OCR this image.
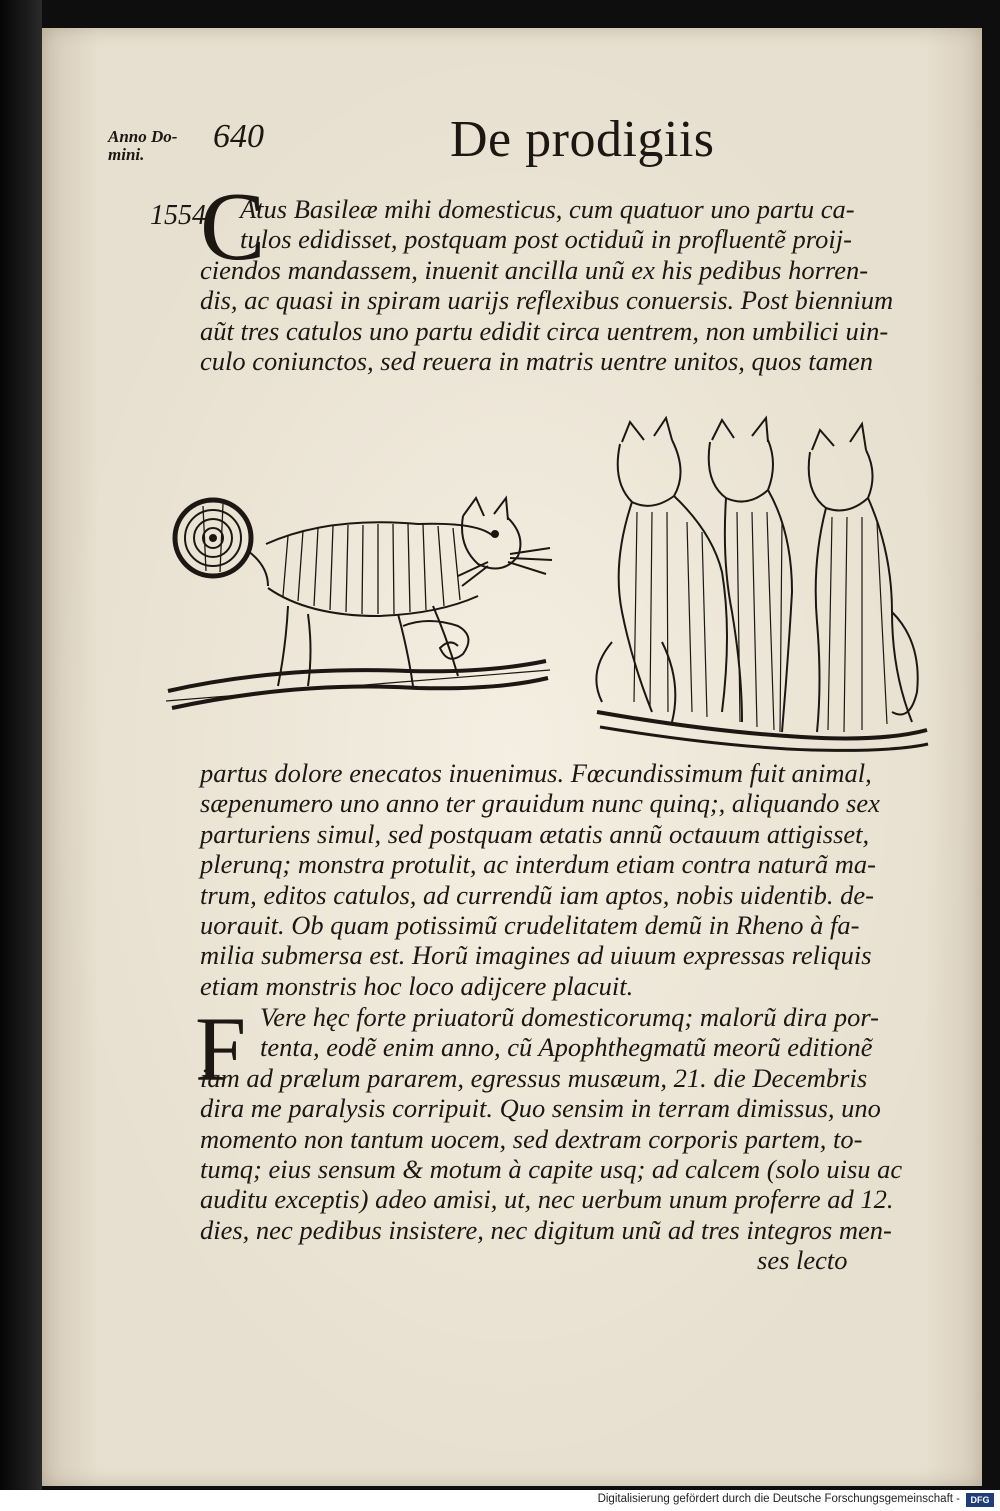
Anno Do-
mini.	640	De prodigiis
1554
C
Atus Basileæ mihi domesticus, cum quatuor uno partu ca-
tulos edidisset, postquam post octiduũ in profluentẽ proij-
ciendos mandassem, inuenit ancilla unũ ex his pedibus horren-
dis, ac quasi in spiram uarijs reflexibus conuersis. Post biennium
aũt tres catulos uno partu edidit circa uentrem, non umbilici uin-
culo coniunctos, sed reuera in matris uentre unitos, quos tamen
partus dolore enecatos inuenimus. Fœcundissimum fuit animal,
sæpenumero uno anno ter grauidum nunc quinq;, aliquando sex
parturiens simul, sed postquam ætatis annũ octauum attigisset,
plerunq; monstra protulit, ac interdum etiam contra naturã ma-
trum, editos catulos, ad currendũ iam aptos, nobis uidentib. de-
uorauit. Ob quam potissimũ crudelitatem demũ in Rheno à fa-
milia submersa est. Horũ imagines ad uiuum expressas reliquis
etiam monstris hoc loco adijcere placuit.
F Vere hęc forte priuatorũ domesticorumq; malorũ dira por-
tenta, eodẽ enim anno, cũ Apophthegmatũ meorũ editionẽ
iam ad prælum pararem, egressus musæum, 21. die Decembris
dira me paralysis corripuit. Quo sensim in terram dimissus, uno
momento non tantum uocem, sed dextram corporis partem, to-
tumq; eius sensum & motum à capite usq; ad calcem (solo uisu ac
auditu exceptis) adeo amisi, ut, nec uerbum unum proferre ad 12.
dies, nec pedibus insistere, nec digitum unũ ad tres integros men-
ses lecto
Digitalisierung gefördert durch die Deutsche Forschungsgemeinschaft -	DFG
